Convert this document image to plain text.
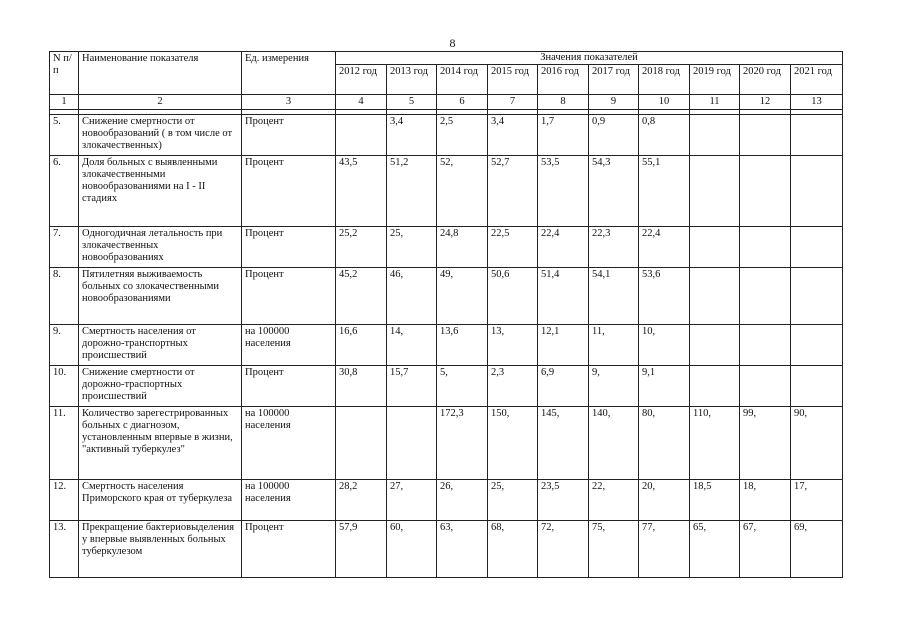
8
N п/п	Наименование показателя	Ед. измерения	Значения показателей									
			2012 год	2013 год	2014 год	2015 год	2016 год	2017 год	2018 год	2019 год	2020 год	2021 год
1	2	3	4	5	6	7	8	9	10	11	12	13

5.	Снижение смертности от новообразований ( в том числе от злокачественных)	Процент		3,4	2,5	3,4	1,7	0,9	0,8			
6.	Доля больных с выявленными злокачественными новообразованиями на I - II стадиях	Процент	43,5	51,2	52,	52,7	53,5	54,3	55,1			
7.	Одногодичная летальность при злокачественных новообразованиях	Процент	25,2	25,	24,8	22,5	22,4	22,3	22,4			
8.	Пятилетняя выживаемость больных со злокачественными новообразованиями	Процент	45,2	46,	49,	50,6	51,4	54,1	53,6			
9.	Смертность населения от дорожно-транспортных происшествий	на 100000 населения	16,6	14,	13,6	13,	12,1	11,	10,			
10.	Снижение смертности от дорожно-траспортных происшествий	Процент	30,8	15,7	5,	2,3	6,9	9,	9,1			
11.	Количество зарегестрированных больных с диагнозом, установленным впервые в жизни, "активный туберкулез"	на 100000 населения			172,3	150,	145,	140,	80,	110,	99,	90,
12.	Смертность населения Приморского края от туберкулеза	на 100000 населения	28,2	27,	26,	25,	23,5	22,	20,	18,5	18,	17,
13.	Прекращение бактериовыделения у впервые выявленных больных туберкулезом	Процент	57,9	60,	63,	68,	72,	75,	77,	65,	67,	69,
